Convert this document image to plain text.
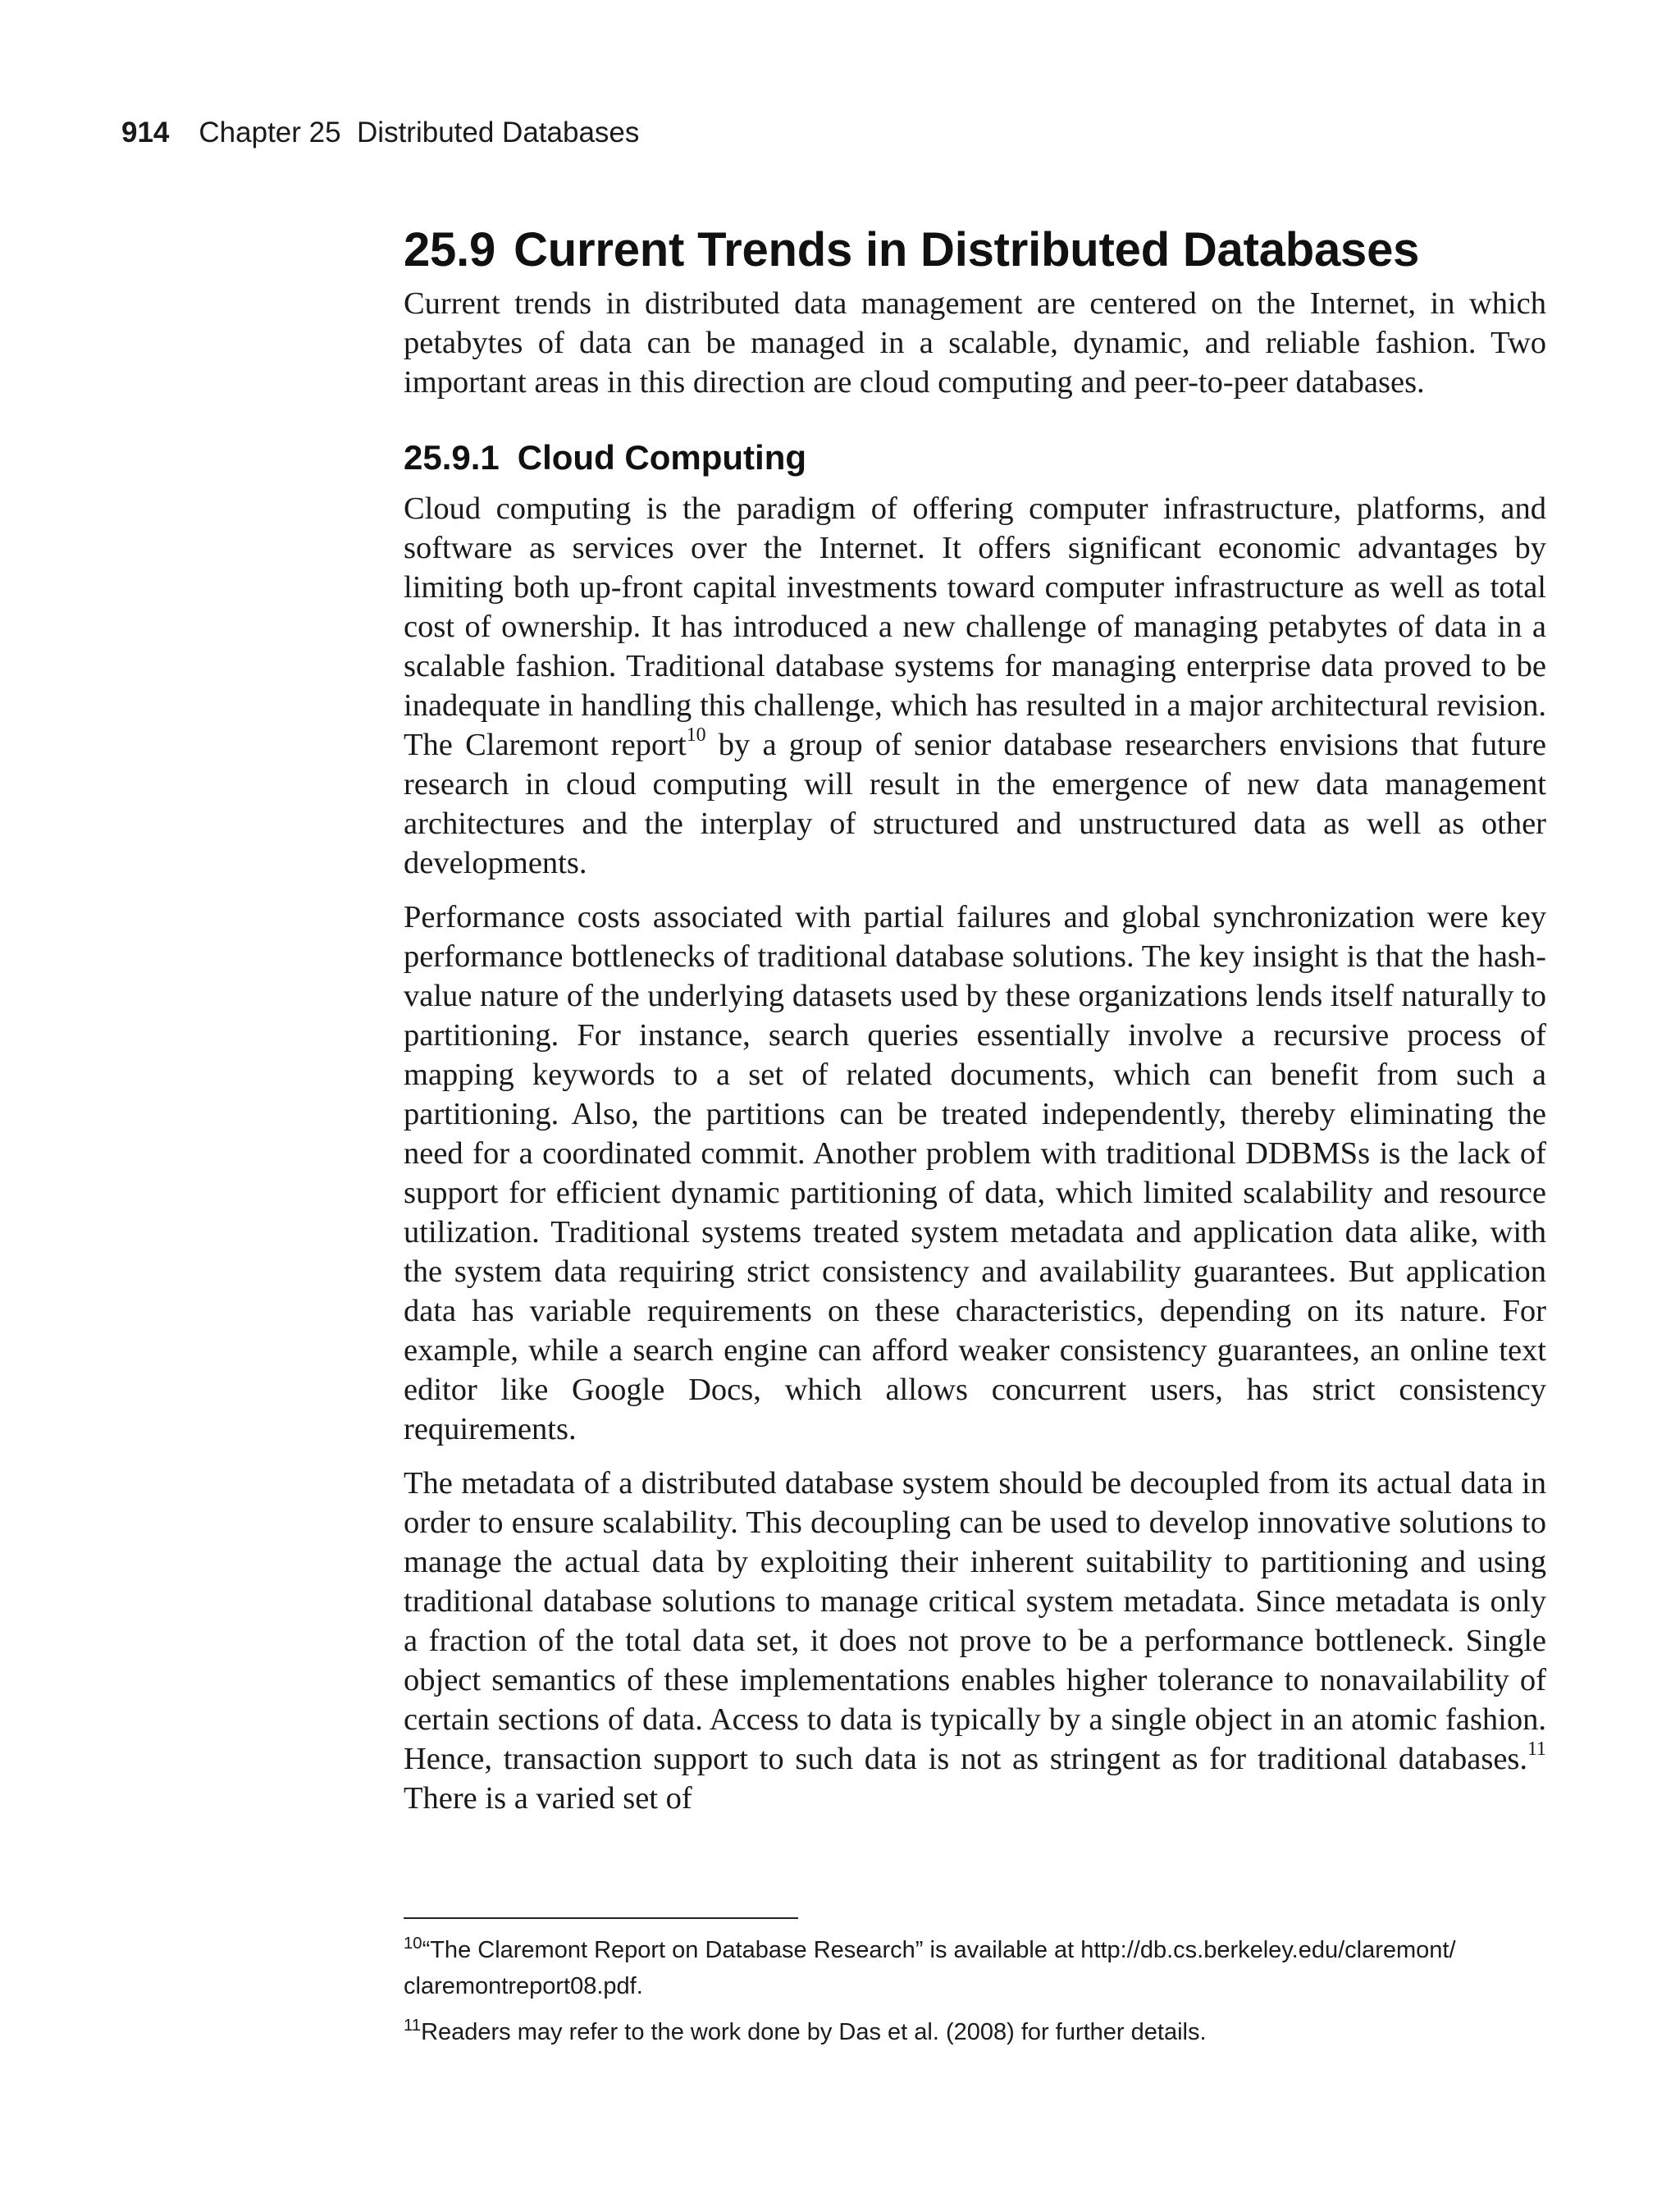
914 Chapter 25  Distributed Databases
25.9 Current Trends in Distributed Databases

Current trends in distributed data management are centered on the Internet, in which petabytes of data can be managed in a scalable, dynamic, and reliable fashion. Two important areas in this direction are cloud computing and peer-to-peer databases.

25.9.1 Cloud Computing

Cloud computing is the paradigm of offering computer infrastructure, platforms, and software as services over the Internet. It offers significant economic advantages by limiting both up-front capital investments toward computer infrastructure as well as total cost of ownership. It has introduced a new challenge of managing petabytes of data in a scalable fashion. Traditional database systems for managing enterprise data proved to be inadequate in handling this challenge, which has resulted in a major architectural revision. The Claremont report$^{10}$ by a group of senior database researchers envisions that future research in cloud computing will result in the emergence of new data management architectures and the interplay of structured and unstructured data as well as other developments.

Performance costs associated with partial failures and global synchronization were key performance bottlenecks of traditional database solutions. The key insight is that the hash-value nature of the underlying datasets used by these organizations lends itself naturally to partitioning. For instance, search queries essentially involve a recursive process of mapping keywords to a set of related documents, which can benefit from such a partitioning. Also, the partitions can be treated independently, thereby eliminating the need for a coordinated commit. Another problem with traditional DDBMSs is the lack of support for efficient dynamic partitioning of data, which limited scalability and resource utilization. Traditional systems treated system metadata and application data alike, with the system data requiring strict consistency and availability guarantees. But application data has variable requirements on these characteristics, depending on its nature. For example, while a search engine can afford weaker consistency guarantees, an online text editor like Google Docs, which allows concurrent users, has strict consistency requirements.

The metadata of a distributed database system should be decoupled from its actual data in order to ensure scalability. This decoupling can be used to develop innovative solutions to manage the actual data by exploiting their inherent suitability to partitioning and using traditional database solutions to manage critical system metadata. Since metadata is only a fraction of the total data set, it does not prove to be a performance bottleneck. Single object semantics of these implementations enables higher tolerance to nonavailability of certain sections of data. Access to data is typically by a single object in an atomic fashion. Hence, transaction support to such data is not as stringent as for traditional databases.$^{11}$ There is a varied set of

$^{10}$“The Claremont Report on Database Research” is available at http://db.cs.berkeley.edu/claremont/ claremontreport08.pdf.
$^{11}$Readers may refer to the work done by Das et al. (2008) for further details.
